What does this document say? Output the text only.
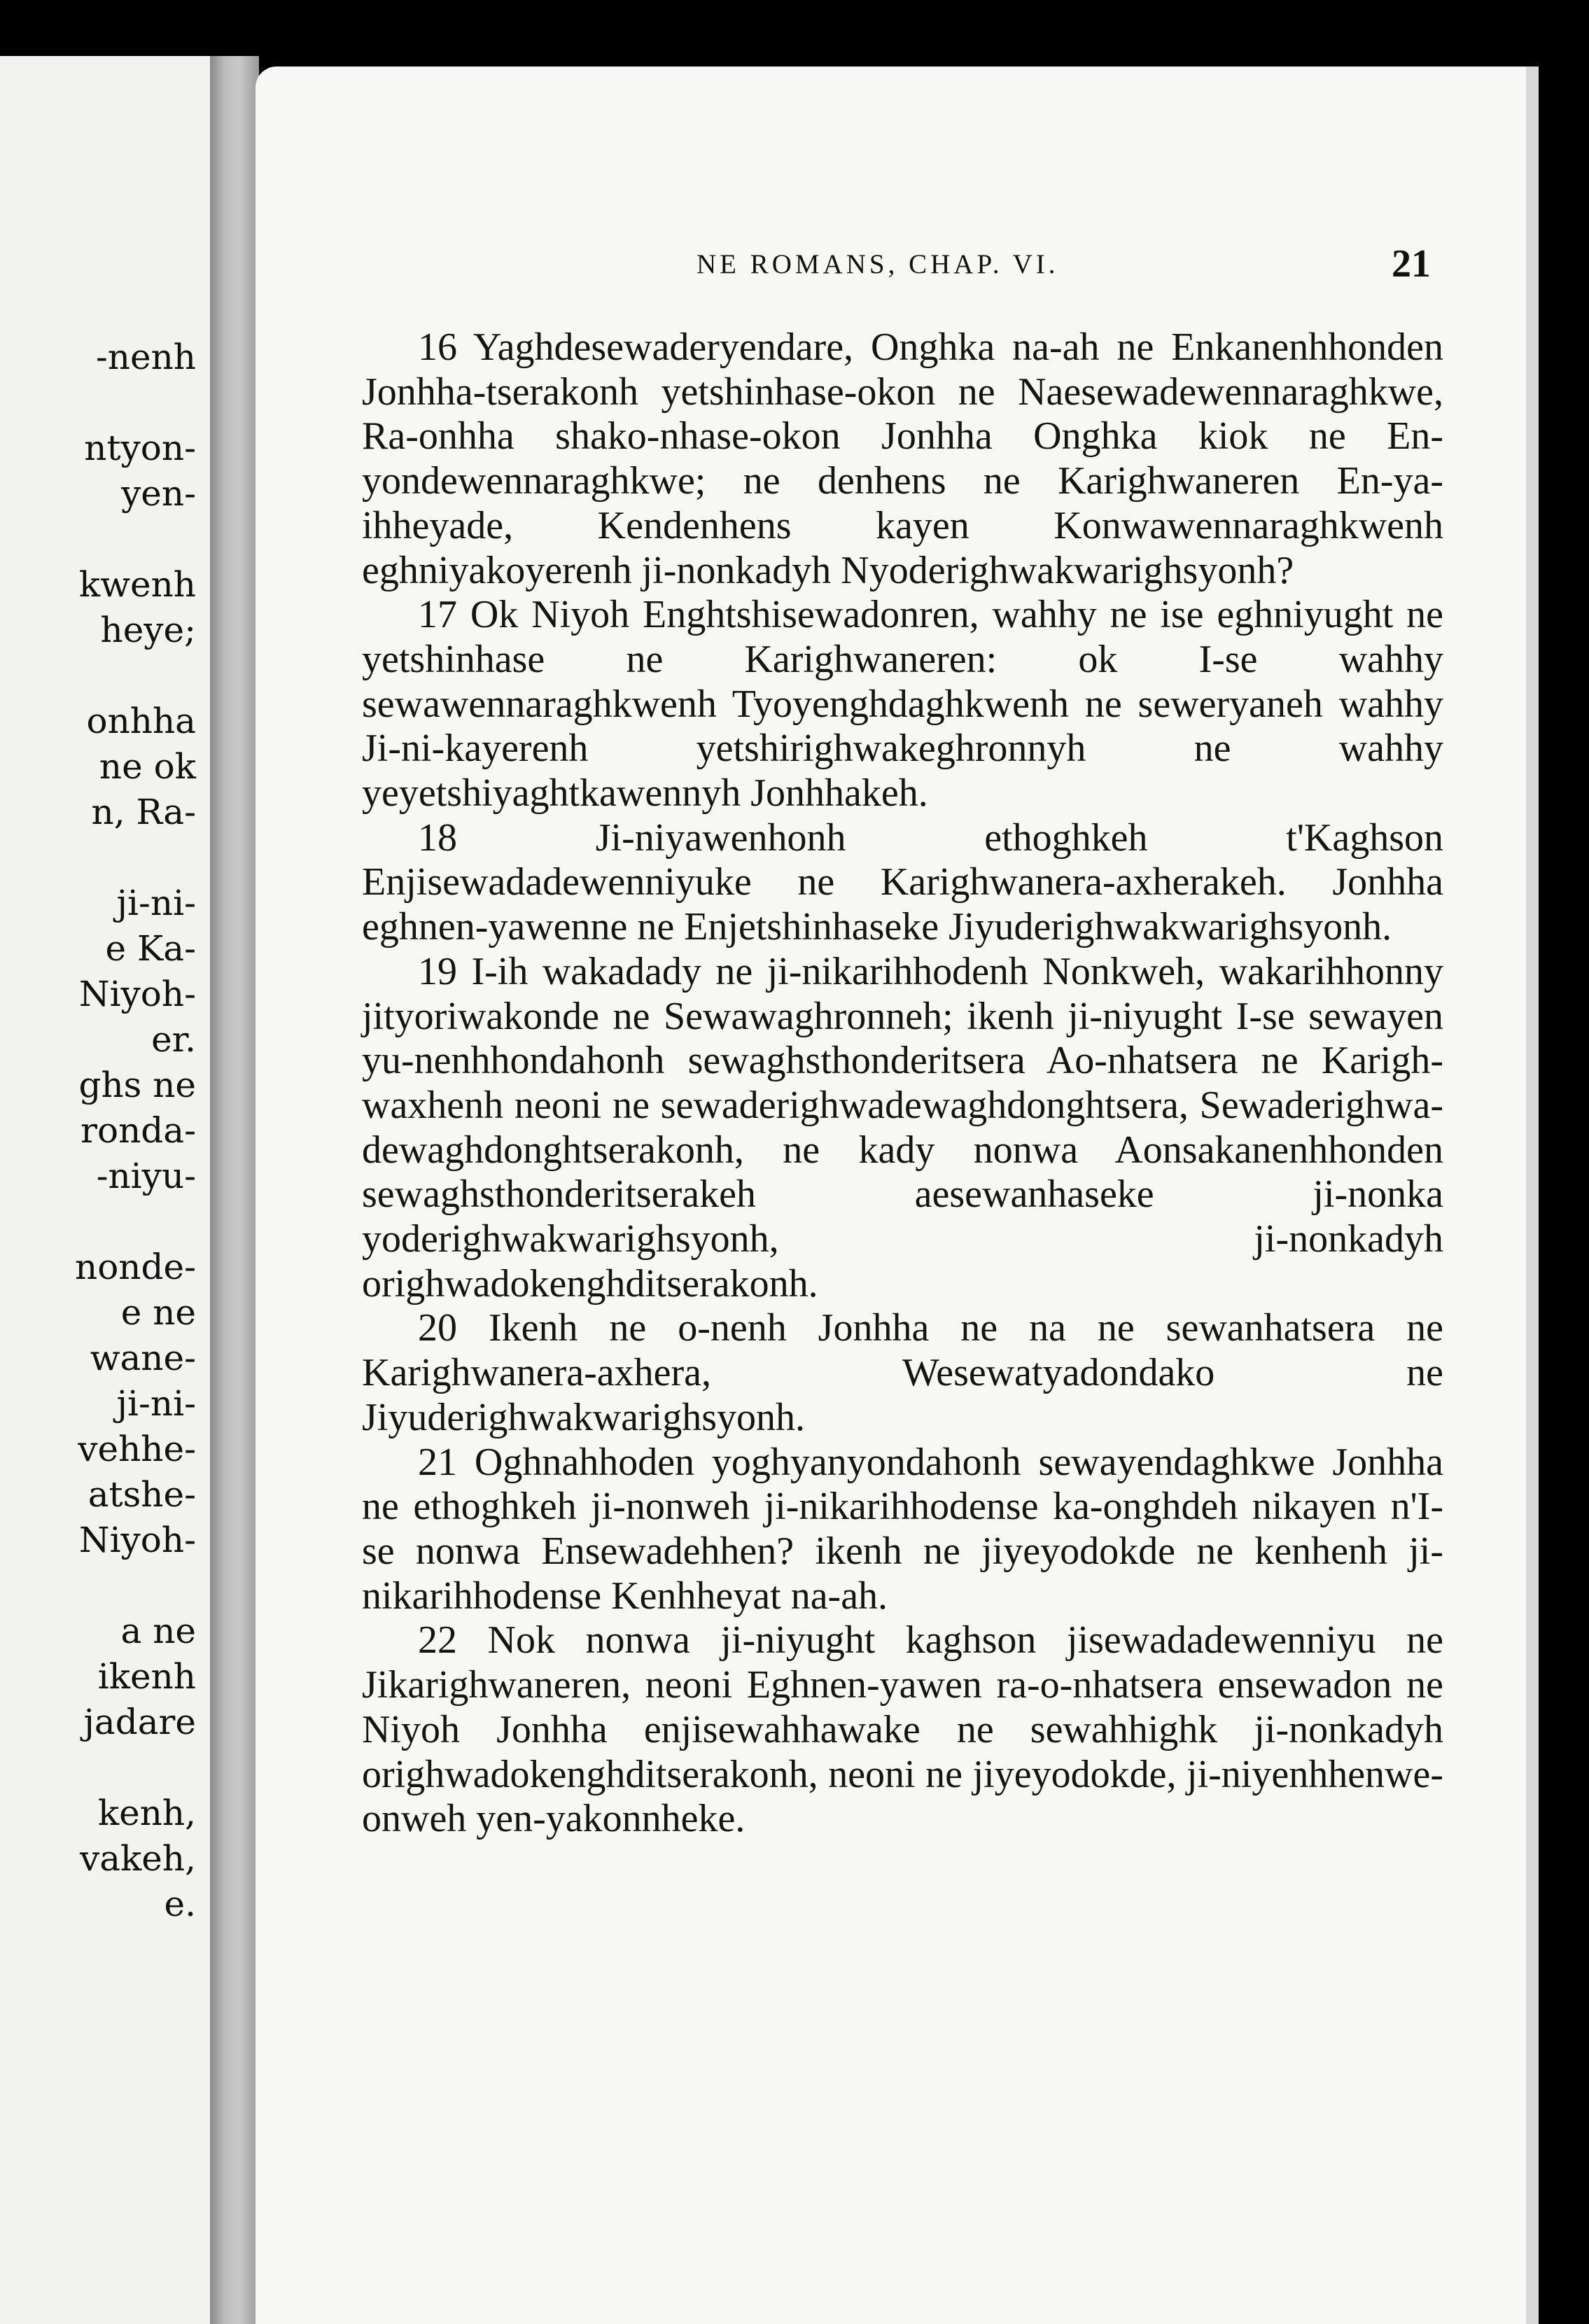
-nenh
ntyon-
yen-
kwenh
heye;
onhha
ne ok
n, Ra-
ji-ni-
e Ka-
Niyoh-
er.
ghs ne
ronda-
-niyu-
nonde-
e ne
wane-
ji-ni-
vehhe-
atshe-
Niyoh-
a ne
ikenh
jadare
kenh,
vakeh,
e.
NE ROMANS, CHAP. VI.	21

16 Yaghdesewaderyendare, Onghka na-ah ne Enkanenhhonden Jonhha-tserakonh yetshinhase-okon ne Naesewadewennaraghkwe, Ra-onhha shako-nhase-okon Jonhha Onghka kiok ne En-yondewennaraghkwe; ne denhens ne Karighwaneren En-ya-ihheyade, Kendenhens kayen Konwawennaraghkwenh eghniyakoyerenh ji-nonkadyh Nyoderighwakwarighsyonh?

17 Ok Niyoh Enghtshisewadonren, wahhy ne ise eghniyught ne yetshinhase ne Karighwaneren: ok I-se wahhy sewawennaraghkwenh Tyoyenghdaghkwenh ne seweryaneh wahhy Ji-ni-kayerenh yetshirighwakeghronnyh ne wahhy yeyetshiyaghtkawennyh Jonhhakeh.

18	Ji-niyawenhonh ethoghkeh t'Kaghson Enjisewadadewenniyuke ne Karighwanera-axherakeh. Jonhha eghnen-yawenne ne Enjetshinhaseke Jiyuderighwakwarighsyonh.

19 I-ih wakadady ne ji-nikarihhodenh Nonkweh, wakarihhonny jityoriwakonde ne Sewawaghronneh; ikenh ji-niyught I-se sewayen yu-nenhhondahonh sewaghsthonderitsera Ao-nhatsera ne Karigh-waxhenh neoni ne sewaderighwadewaghdonghtsera, Sewaderighwa-dewaghdonghtserakonh, ne kady nonwa Aonsakanenhhonden sewaghsthonderitserakeh aesewanhaseke ji-nonka yoderighwakwarighsyonh, ji-nonkadyh orighwadokenghditserakonh.

20 Ikenh ne o-nenh Jonhha ne na ne sewanhatsera ne Karighwanera-axhera, Wesewatyadondako ne Jiyuderighwakwarighsyonh.

21 Oghnahhoden yoghyanyondahonh sewayendaghkwe Jonhha ne ethoghkeh ji-nonweh ji-nikarihhodense ka-onghdeh nikayen n'I-se nonwa Ensewadehhen? ikenh ne jiyeyodokde ne kenhenh ji-nikarihhodense Kenhheyat na-ah.

22 Nok nonwa ji-niyught kaghson jisewadadewenniyu ne Jikarighwaneren, neoni Eghnen-yawen ra-o-nhatsera ensewadon ne Niyoh Jonhha enjisewahhawake ne sewahhighk ji-nonkadyh orighwadokenghditserakonh, neoni ne jiyeyodokde, ji-niyenhhenwe-onweh yen-yakonnheke.
